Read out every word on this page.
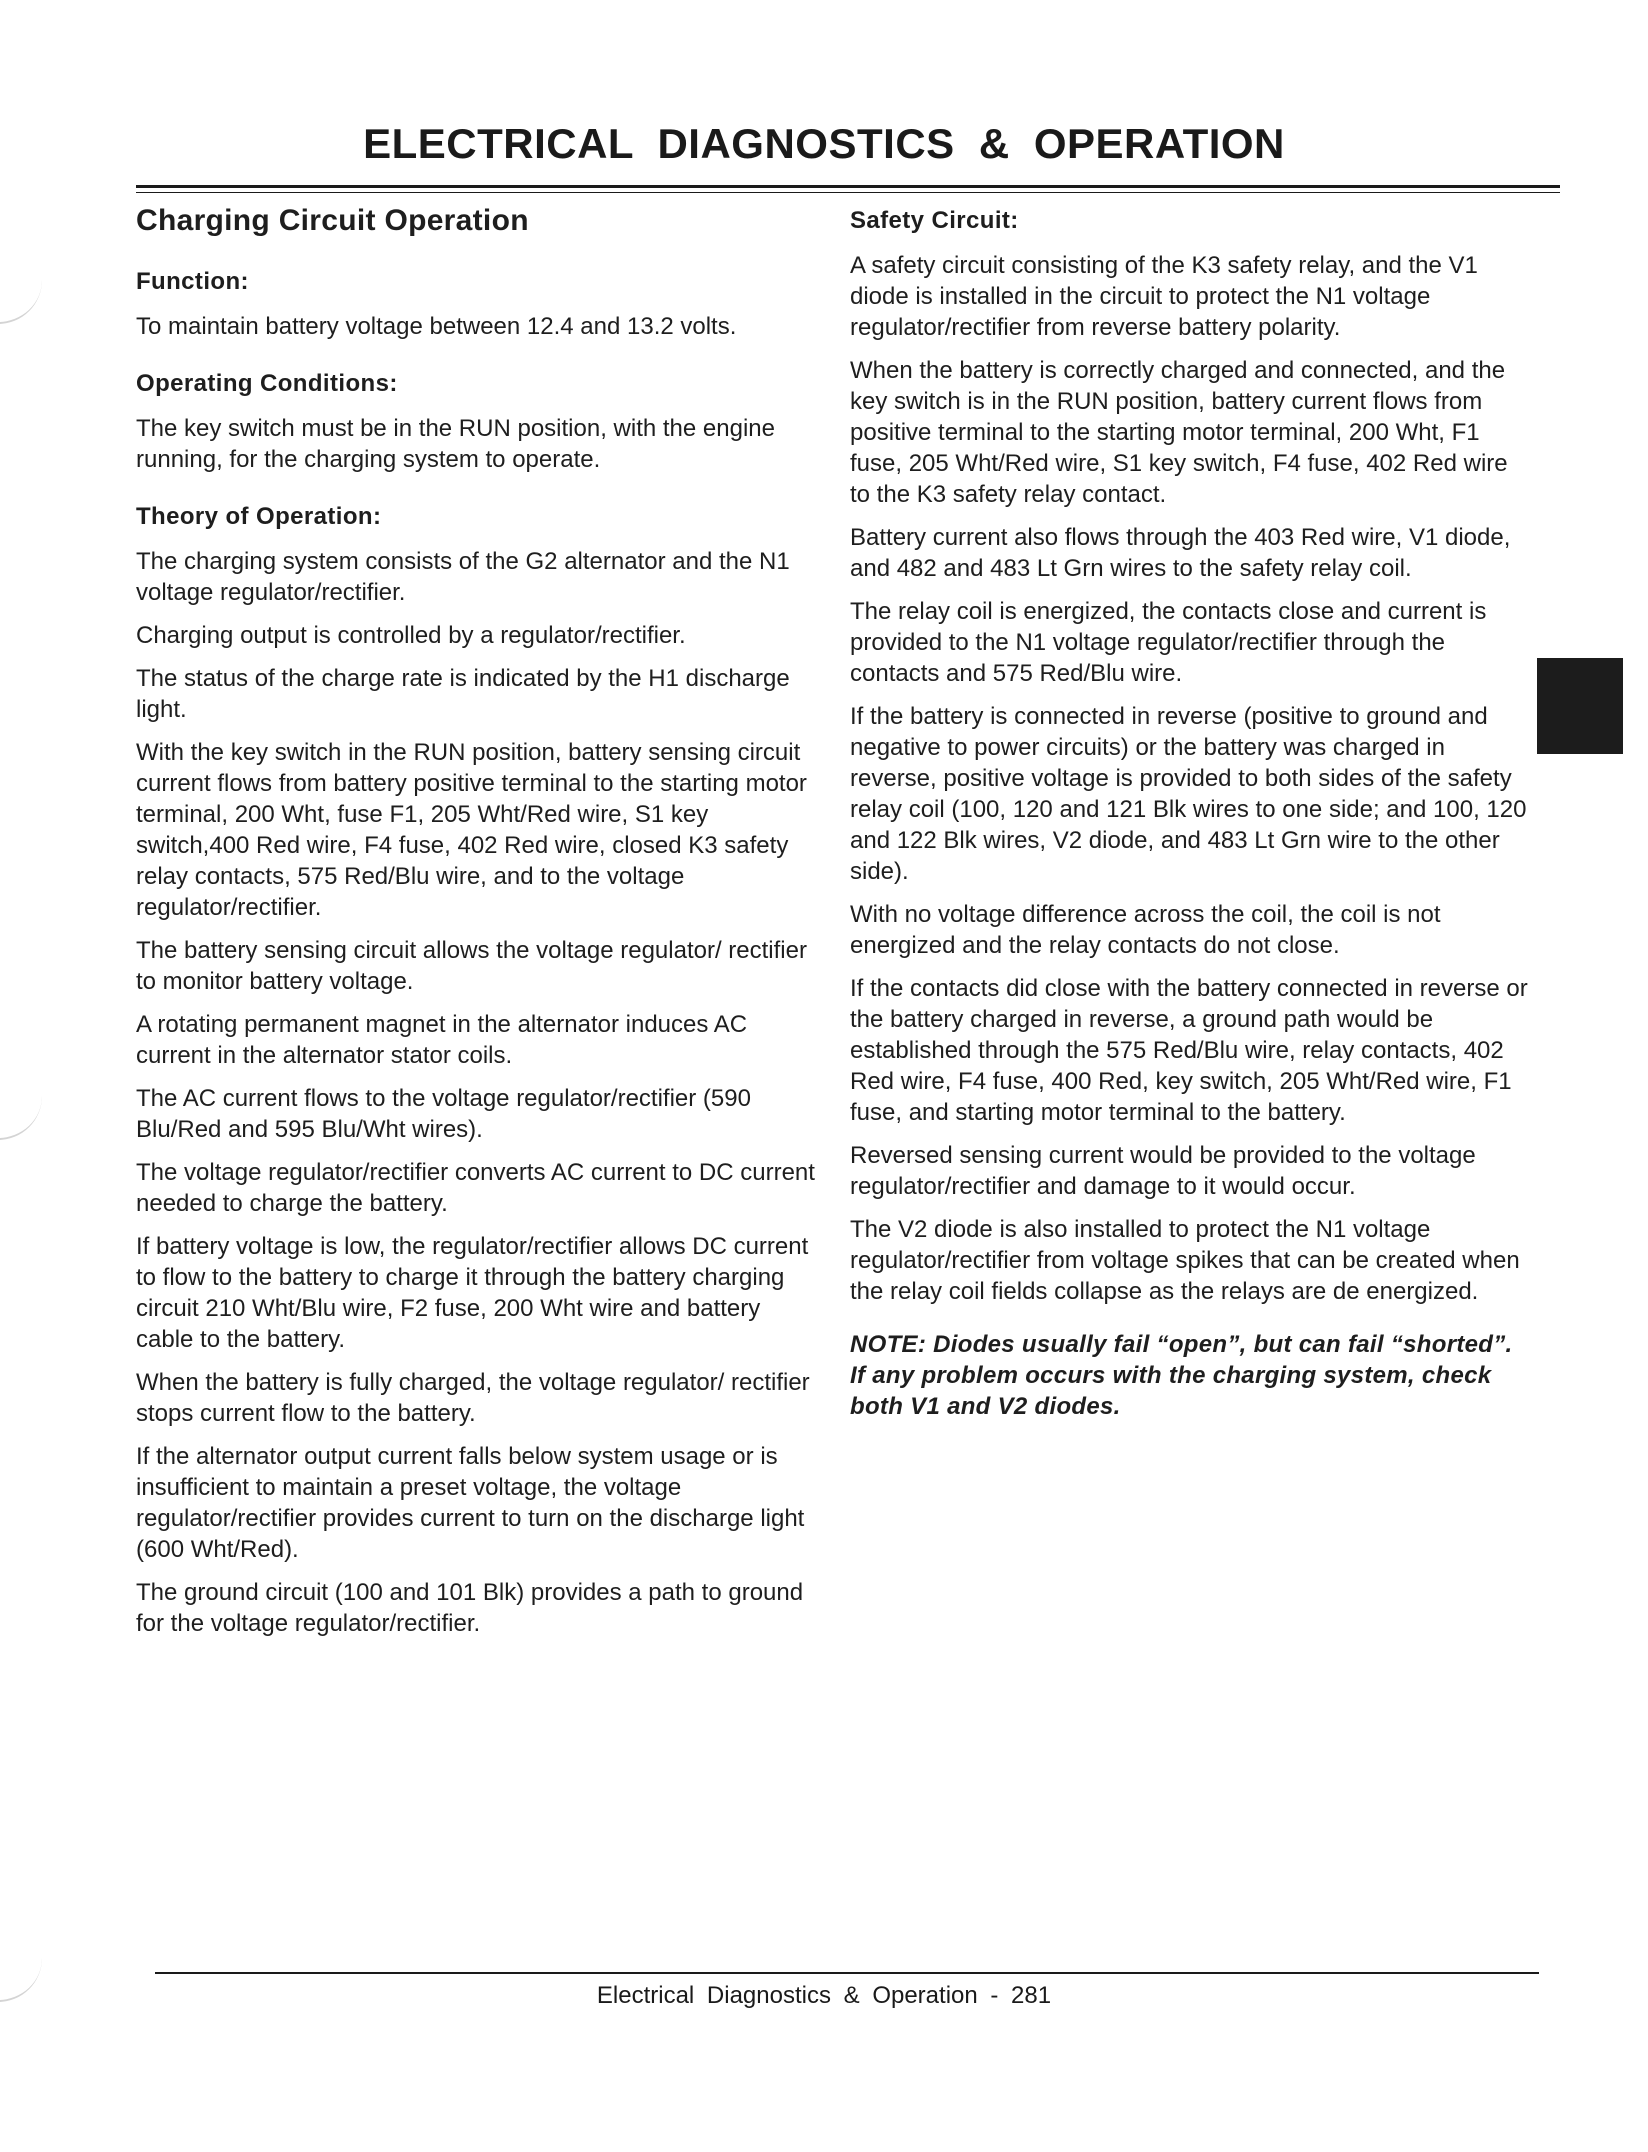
ELECTRICAL DIAGNOSTICS & OPERATION
Charging Circuit Operation
Function:

To maintain battery voltage between 12.4 and 13.2 volts.

Operating Conditions:

The key switch must be in the RUN position, with the engine running, for the charging system to operate.

Theory of Operation:

The charging system consists of the G2 alternator and the N1 voltage regulator/rectifier.

Charging output is controlled by a regulator/rectifier.

The status of the charge rate is indicated by the H1 discharge light.

With the key switch in the RUN position, battery sensing circuit current flows from battery positive terminal to the starting motor terminal, 200 Wht, fuse F1, 205 Wht/Red wire, S1 key switch,400 Red wire, F4 fuse, 402 Red wire, closed K3 safety relay contacts, 575 Red/Blu wire, and to the voltage regulator/rectifier.

The battery sensing circuit allows the voltage regulator/ rectifier to monitor battery voltage.

A rotating permanent magnet in the alternator induces AC current in the alternator stator coils.

The AC current flows to the voltage regulator/rectifier (590 Blu/Red and 595 Blu/Wht wires).

The voltage regulator/rectifier converts AC current to DC current needed to charge the battery.

If battery voltage is low, the regulator/rectifier allows DC current to flow to the battery to charge it through the battery charging circuit 210 Wht/Blu wire, F2 fuse, 200 Wht wire and battery cable to the battery.

When the battery is fully charged, the voltage regulator/ rectifier stops current flow to the battery.

If the alternator output current falls below system usage or is insufficient to maintain a preset voltage, the voltage regulator/rectifier provides current to turn on the discharge light (600 Wht/Red).

The ground circuit (100 and 101 Blk) provides a path to ground for the voltage regulator/rectifier.

Safety Circuit:

A safety circuit consisting of the K3 safety relay, and the V1 diode is installed in the circuit to protect the N1 voltage regulator/rectifier from reverse battery polarity.

When the battery is correctly charged and connected, and the key switch is in the RUN position, battery current flows from positive terminal to the starting motor terminal, 200 Wht, F1 fuse, 205 Wht/Red wire, S1 key switch, F4 fuse, 402 Red wire to the K3 safety relay contact.

Battery current also flows through the 403 Red wire, V1 diode, and 482 and 483 Lt Grn wires to the safety relay coil.

The relay coil is energized, the contacts close and current is provided to the N1 voltage regulator/rectifier through the contacts and 575 Red/Blu wire.

If the battery is connected in reverse (positive to ground and negative to power circuits) or the battery was charged in reverse, positive voltage is provided to both sides of the safety relay coil (100, 120 and 121 Blk wires to one side; and 100, 120 and 122 Blk wires, V2 diode, and 483 Lt Grn wire to the other side).

With no voltage difference across the coil, the coil is not energized and the relay contacts do not close.

If the contacts did close with the battery connected in reverse or the battery charged in reverse, a ground path would be established through the 575 Red/Blu wire, relay contacts, 402 Red wire, F4 fuse, 400 Red, key switch, 205 Wht/Red wire, F1 fuse, and starting motor terminal to the battery.

Reversed sensing current would be provided to the voltage regulator/rectifier and damage to it would occur.

The V2 diode is also installed to protect the N1 voltage regulator/rectifier from voltage spikes that can be created when the relay coil fields collapse as the relays are de energized.

NOTE: Diodes usually fail “open”, but can fail “shorted”. If any problem occurs with the charging system, check both V1 and V2 diodes.

Electrical Diagnostics & Operation - 281
